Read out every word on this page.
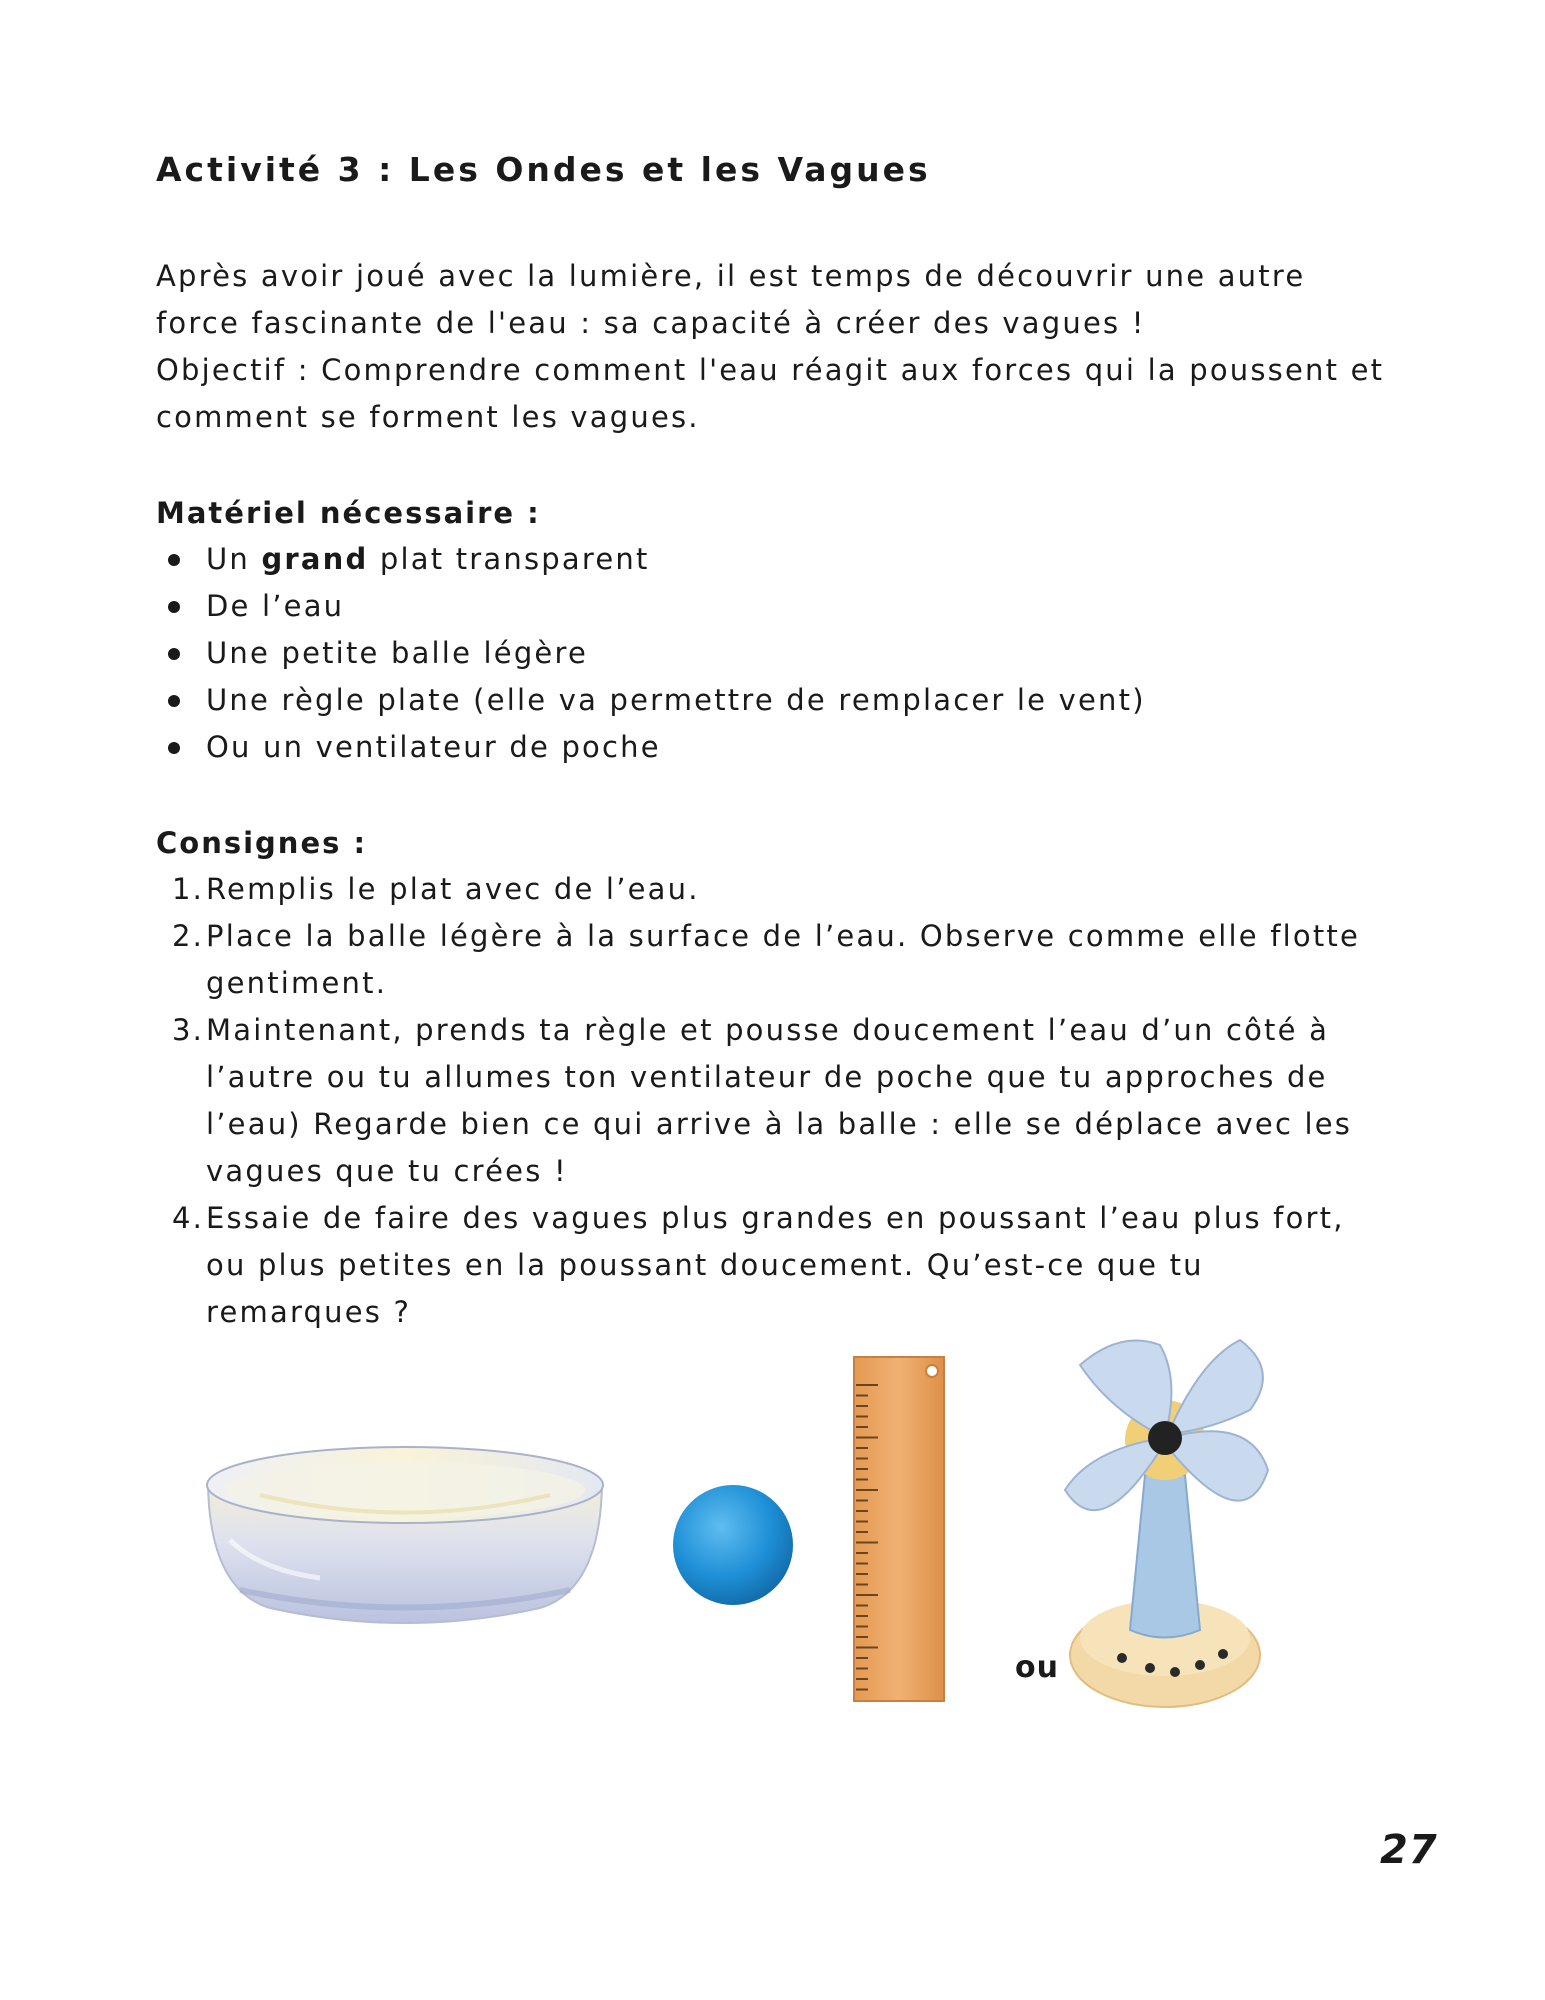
Activité 3 : Les Ondes et les Vagues

Après avoir joué avec la lumière, il est temps de découvrir une autre force fascinante de l'eau : sa capacité à créer des vagues !

Objectif : Comprendre comment l'eau réagit aux forces qui la poussent et comment se forment les vagues.

Matériel nécessaire :
Un grand plat transparent
De l’eau
Une petite balle légère
Une règle plate (elle va permettre de remplacer le vent)
Ou un ventilateur de poche
Consignes :
1. Remplis le plat avec de l’eau.
2. Place la balle légère à la surface de l’eau. Observe comme elle flotte gentiment.
3. Maintenant, prends ta règle et pousse doucement l’eau d’un côté à l’autre ou tu allumes ton ventilateur de poche que tu approches de l’eau) Regarde bien ce qui arrive à la balle : elle se déplace avec les vagues que tu crées !
4. Essaie de faire des vagues plus grandes en poussant l’eau plus fort, ou plus petites en la poussant doucement. Qu’est-ce que tu remarques ?
ou
27
